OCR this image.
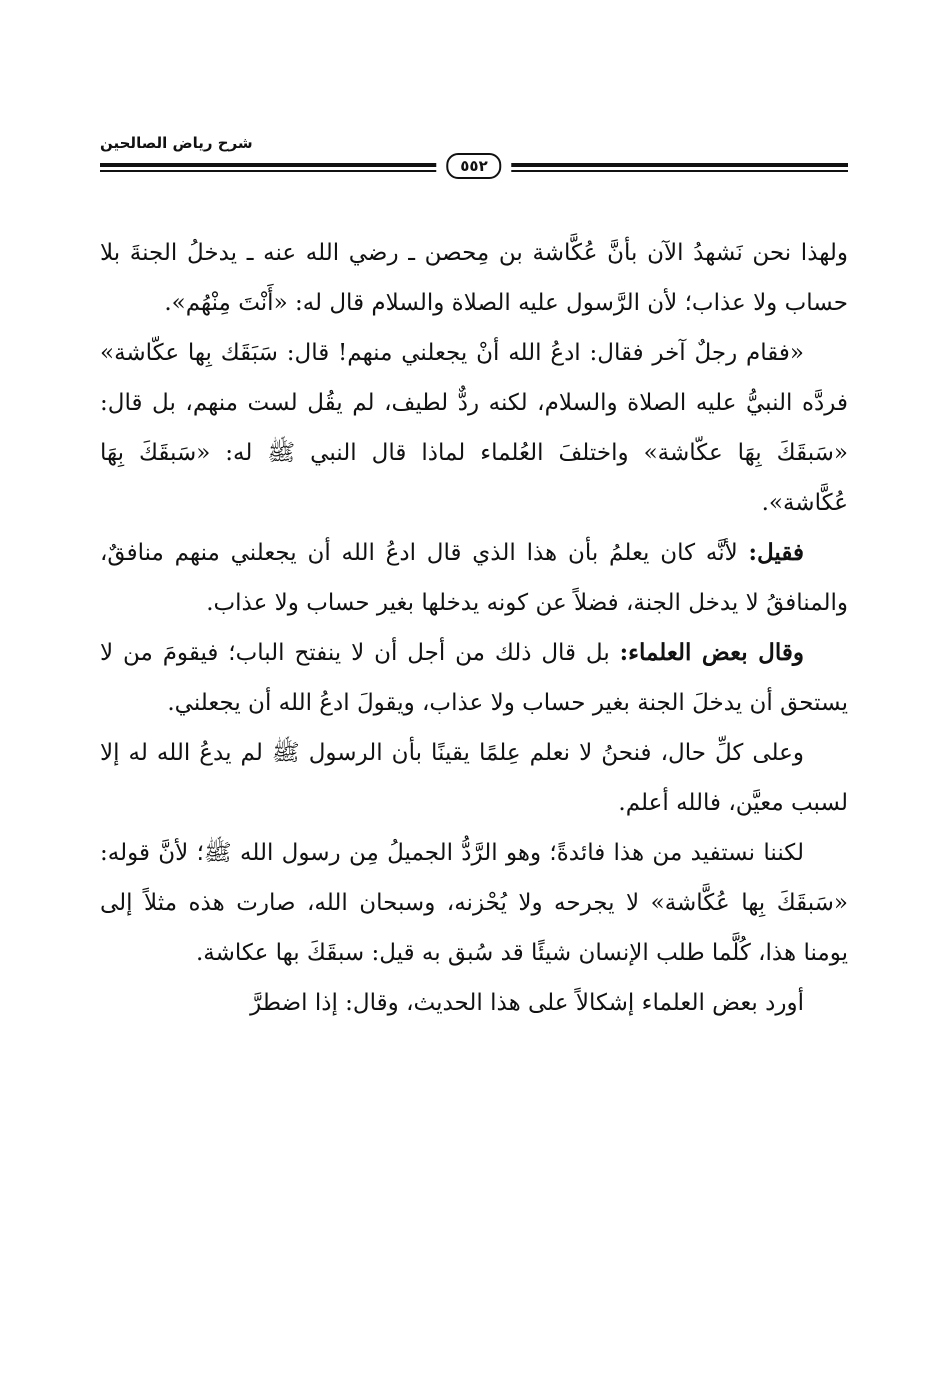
شرح رياض الصالحين
٥٥٢

ولهذا نحن نَشهدُ الآن بأنَّ عُكَّاشة بن مِحصن ـ رضي الله عنه ـ يدخلُ الجنةَ بلا حساب ولا عذاب؛ لأن الرَّسول عليه الصلاة والسلام قال له: «أَنْتَ مِنْهُم».

«فقام رجلٌ آخر فقال: ادعُ الله أنْ يجعلني منهم! قال: سَبَقَك بِها عكّاشة» فردَّه النبيُّ عليه الصلاة والسلام، لكنه ردٌّ لطيف، لم يقُل لست منهم، بل قال: «سَبقَكَ بِهَا عكّاشة» واختلفَ العُلماء لماذا قال النبي ﷺ له: «سَبقَكَ بِهَا عُكَّاشة».

فقيل: لأنَّه كان يعلمُ بأن هذا الذي قال ادعُ الله أن يجعلني منهم منافقٌ، والمنافقُ لا يدخل الجنة، فضلاً عن كونه يدخلها بغير حساب ولا عذاب.

وقال بعض العلماء: بل قال ذلك من أجل أن لا ينفتح الباب؛ فيقومَ من لا يستحق أن يدخلَ الجنة بغير حساب ولا عذاب، ويقولَ ادعُ الله أن يجعلني.

وعلى كلِّ حال، فنحنُ لا نعلم عِلمًا يقينًا بأن الرسول ﷺ لم يدعُ الله له إلا لسبب معيَّن، فالله أعلم.

لكننا نستفيد من هذا فائدةً؛ وهو الرَّدُّ الجميلُ مِن رسول الله ﷺ؛ لأنَّ قوله: «سَبقَكَ بِها عُكَّاشة» لا يجرحه ولا يُحْزنه، وسبحان الله، صارت هذه مثلاً إلى يومنا هذا، كُلَّما طلب الإنسان شيئًا قد سُبق به قيل: سبقَكَ بها عكاشة.

أورد بعض العلماء إشكالاً على هذا الحديث، وقال: إذا اضطرَّ
